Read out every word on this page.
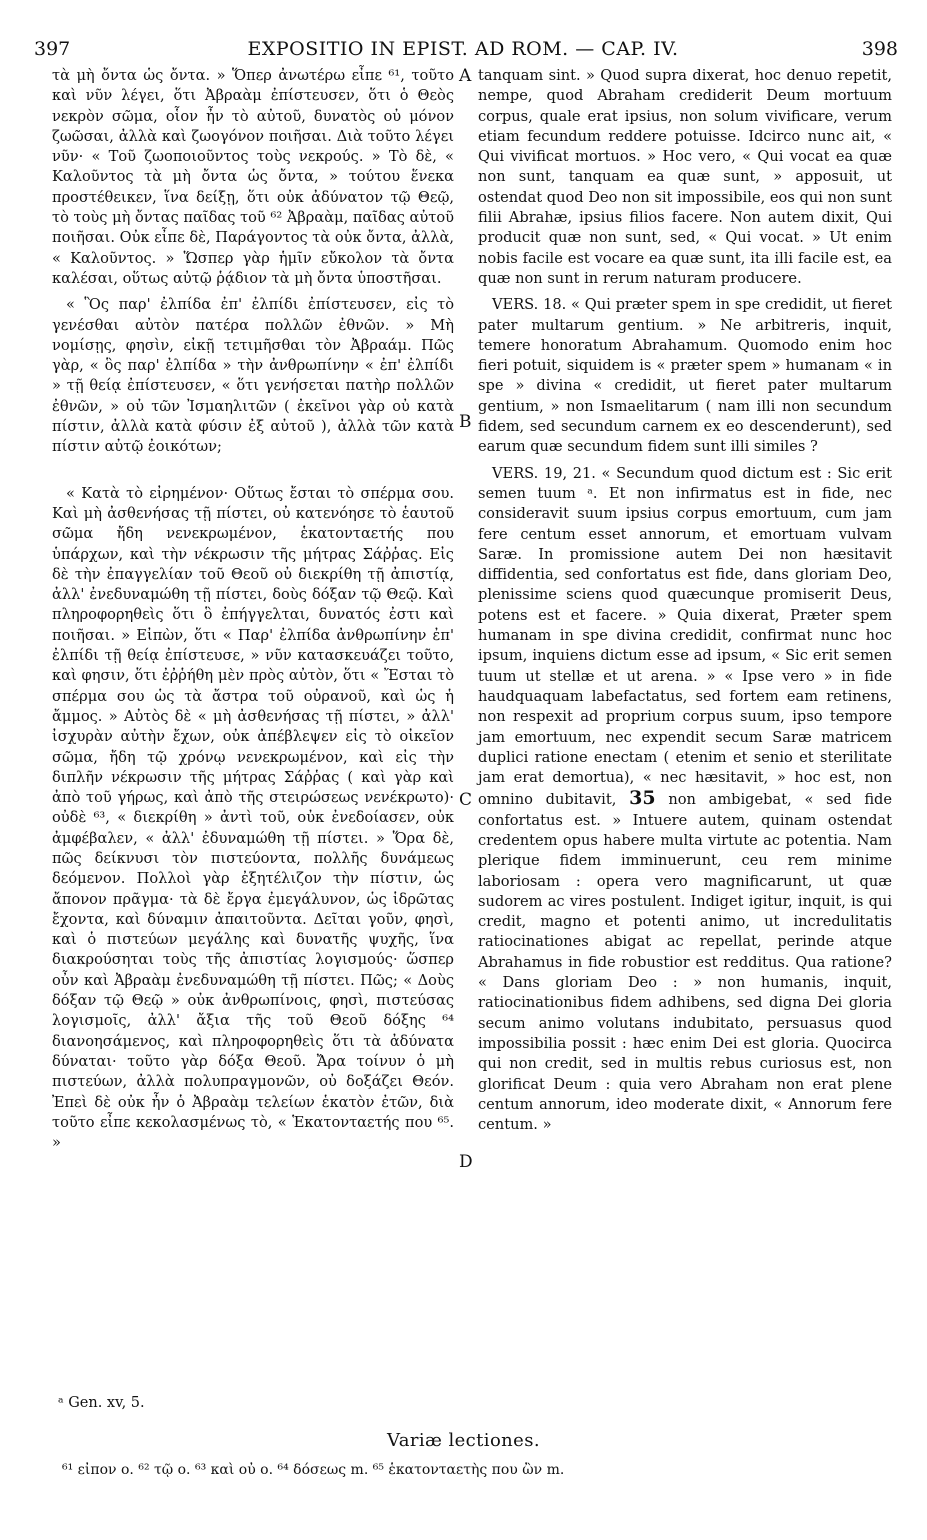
397	EXPOSITIO IN EPIST. AD ROM. — CAP. IV.	398

τὰ μὴ ὄντα ὡς ὄντα. » Ὅπερ ἀνωτέρω εἶπε ⁶¹, τοῦτο καὶ νῦν λέγει, ὅτι Ἀβραὰμ ἐπίστευσεν, ὅτι ὁ Θεὸς νεκρὸν σῶμα, οἷον ἦν τὸ αὐτοῦ, δυνατὸς οὐ μόνον ζωῶσαι, ἀλλὰ καὶ ζωογόνον ποιῆσαι. Διὰ τοῦτο λέγει νῦν· « Τοῦ ζωοποιοῦντος τοὺς νεκρούς. » Τὸ δὲ, « Καλοῦντος τὰ μὴ ὄντα ὡς ὄντα, » τούτου ἕνεκα προστέθεικεν, ἵνα δείξῃ, ὅτι οὐκ ἀδύνατον τῷ Θεῷ, τὸ τοὺς μὴ ὄντας παῖδας τοῦ ⁶² Ἀβραὰμ, παῖδας αὐτοῦ ποιῆσαι. Οὐκ εἶπε δὲ, Παράγοντος τὰ οὐκ ὄντα, ἀλλὰ, « Καλοῦντος. » Ὥσπερ γὰρ ἡμῖν εὔκολον τὰ ὄντα καλέσαι, οὕτως αὐτῷ ῥᾴδιον τὰ μὴ ὄντα ὑποστῆσαι.

« Ὃς παρ' ἐλπίδα ἐπ' ἐλπίδι ἐπίστευσεν, εἰς τὸ γενέσθαι αὐτὸν πατέρα πολλῶν ἐθνῶν. » Μὴ νομίσῃς, φησὶν, εἰκῇ τετιμῆσθαι τὸν Ἀβραάμ. Πῶς γὰρ, « ὃς παρ' ἐλπίδα » τὴν ἀνθρωπίνην « ἐπ' ἐλπίδι » τῇ θείᾳ ἐπίστευσεν, « ὅτι γενήσεται πατὴρ πολλῶν ἐθνῶν, » οὐ τῶν Ἰσμαηλιτῶν ( ἐκεῖνοι γὰρ οὐ κατὰ πίστιν, ἀλλὰ κατὰ φύσιν ἐξ αὐτοῦ ), ἀλλὰ τῶν κατὰ πίστιν αὐτῷ ἐοικότων;

« Κατὰ τὸ εἰρημένον· Οὕτως ἔσται τὸ σπέρμα σου. Καὶ μὴ ἀσθενήσας τῇ πίστει, οὐ κατενόησε τὸ ἑαυτοῦ σῶμα ἤδη νενεκρωμένον, ἑκατονταετής που ὑπάρχων, καὶ τὴν νέκρωσιν τῆς μήτρας Σάῤῥας. Εἰς δὲ τὴν ἐπαγγελίαν τοῦ Θεοῦ οὐ διεκρίθη τῇ ἀπιστίᾳ, ἀλλ' ἐνεδυναμώθη τῇ πίστει, δοὺς δόξαν τῷ Θεῷ. Καὶ πληροφορηθεὶς ὅτι ὃ ἐπήγγελται, δυνατός ἐστι καὶ ποιῆσαι. » Εἰπὼν, ὅτι « Παρ' ἐλπίδα ἀνθρωπίνην ἐπ' ἐλπίδι τῇ θείᾳ ἐπίστευσε, » νῦν κατασκευάζει τοῦτο, καὶ φησιν, ὅτι ἐῤῥήθη μὲν πρὸς αὐτὸν, ὅτι « Ἔσται τὸ σπέρμα σου ὡς τὰ ἄστρα τοῦ οὐρανοῦ, καὶ ὡς ἡ ἄμμος. » Αὐτὸς δὲ « μὴ ἀσθενήσας τῇ πίστει, » ἀλλ' ἰσχυρὰν αὐτὴν ἔχων, οὐκ ἀπέβλεψεν εἰς τὸ οἰκεῖον σῶμα, ἤδη τῷ χρόνῳ νενεκρωμένον, καὶ εἰς τὴν διπλῆν νέκρωσιν τῆς μήτρας Σάῤῥας ( καὶ γὰρ καὶ ἀπὸ τοῦ γήρως, καὶ ἀπὸ τῆς στειρώσεως νενέκρωτο)· οὐδὲ ⁶³, « διεκρίθη » ἀντὶ τοῦ, οὐκ ἐνεδοίασεν, οὐκ ἀμφέβαλεν, « ἀλλ' ἐδυναμώθη τῇ πίστει. » Ὅρα δὲ, πῶς δείκνυσι τὸν πιστεύοντα, πολλῆς δυνάμεως δεόμενον. Πολλοὶ γὰρ ἐξητέλιζον τὴν πίστιν, ὡς ἄπονον πρᾶγμα· τὰ δὲ ἔργα ἐμεγάλυνον, ὡς ἱδρῶτας ἔχοντα, καὶ δύναμιν ἀπαιτοῦντα. Δεῖται γοῦν, φησὶ, καὶ ὁ πιστεύων μεγάλης καὶ δυνατῆς ψυχῆς, ἵνα διακρούσηται τοὺς τῆς ἀπιστίας λογισμούς· ὥσπερ οὖν καὶ Ἀβραὰμ ἐνεδυναμώθη τῇ πίστει. Πῶς; « Δοὺς δόξαν τῷ Θεῷ » οὐκ ἀνθρωπίνοις, φησὶ, πιστεύσας λογισμοῖς, ἀλλ' ἄξια τῆς τοῦ Θεοῦ δόξης ⁶⁴ διανοησάμενος, καὶ πληροφορηθεὶς ὅτι τὰ ἀδύνατα δύναται· τοῦτο γὰρ δόξα Θεοῦ. Ἄρα τοίνυν ὁ μὴ πιστεύων, ἀλλὰ πολυπραγμονῶν, οὐ δοξάζει Θεόν. Ἐπεὶ δὲ οὐκ ἦν ὁ Ἀβραὰμ τελείων ἑκατὸν ἐτῶν, διὰ τοῦτο εἶπε κεκολασμένως τὸ, « Ἑκατονταετής που ⁶⁵. »

A
B
C
D

tanquam sint. » Quod supra dixerat, hoc denuo repetit, nempe, quod Abraham crediderit Deum mortuum corpus, quale erat ipsius, non solum vivificare, verum etiam fecundum reddere potuisse. Idcirco nunc ait, « Qui vivificat mortuos. » Hoc vero, « Qui vocat ea quæ non sunt, tanquam ea quæ sunt, » apposuit, ut ostendat quod Deo non sit impossibile, eos qui non sunt filii Abrahæ, ipsius filios facere. Non autem dixit, Qui producit quæ non sunt, sed, « Qui vocat. » Ut enim nobis facile est vocare ea quæ sunt, ita illi facile est, ea quæ non sunt in rerum naturam producere.

VERS. 18. « Qui præter spem in spe credidit, ut fieret pater multarum gentium. » Ne arbitreris, inquit, temere honoratum Abrahamum. Quomodo enim hoc fieri potuit, siquidem is « præter spem » humanam « in spe » divina « credidit, ut fieret pater multarum gentium, » non Ismaelitarum ( nam illi non secundum fidem, sed secundum carnem ex eo descenderunt), sed earum quæ secundum fidem sunt illi similes ?

VERS. 19, 21. « Secundum quod dictum est : Sic erit semen tuum ᵃ. Et non infirmatus est in fide, nec consideravit suum ipsius corpus emortuum, cum jam fere centum esset annorum, et emortuam vulvam Saræ. In promissione autem Dei non hæsitavit diffidentia, sed confortatus est fide, dans gloriam Deo, plenissime sciens quod quæcunque promiserit Deus, potens est et facere. » Quia dixerat, Præter spem humanam in spe divina credidit, confirmat nunc hoc ipsum, inquiens dictum esse ad ipsum, « Sic erit semen tuum ut stellæ et ut arena. » « Ipse vero » in fide haudquaquam labefactatus, sed fortem eam retinens, non respexit ad proprium corpus suum, ipso tempore jam emortuum, nec expendit secum Saræ matricem duplici ratione enectam ( etenim et senio et sterilitate jam erat demortua), « nec hæsitavit, » hoc est, non omnino dubitavit, 35 non ambigebat, « sed fide confortatus est. » Intuere autem, quinam ostendat credentem opus habere multa virtute ac potentia. Nam plerique fidem imminuerunt, ceu rem minime laboriosam : opera vero magnificarunt, ut quæ sudorem ac vires postulent. Indiget igitur, inquit, is qui credit, magno et potenti animo, ut incredulitatis ratiocinationes abigat ac repellat, perinde atque Abrahamus in fide robustior est redditus. Qua ratione? « Dans gloriam Deo : » non humanis, inquit, ratiocinationibus fidem adhibens, sed digna Dei gloria secum animo volutans indubitato, persuasus quod impossibilia possit : hæc enim Dei est gloria. Quocirca qui non credit, sed in multis rebus curiosus est, non glorificat Deum : quia vero Abraham non erat plene centum annorum, ideo moderate dixit, « Annorum fere centum. »

ᵃ Gen. xv, 5.
Variæ lectiones.
⁶¹ εἶπον ο. ⁶² τῷ ο. ⁶³ καὶ οὐ ο. ⁶⁴ δόσεως m. ⁶⁵ ἑκατονταετὴς που ὢν m.
